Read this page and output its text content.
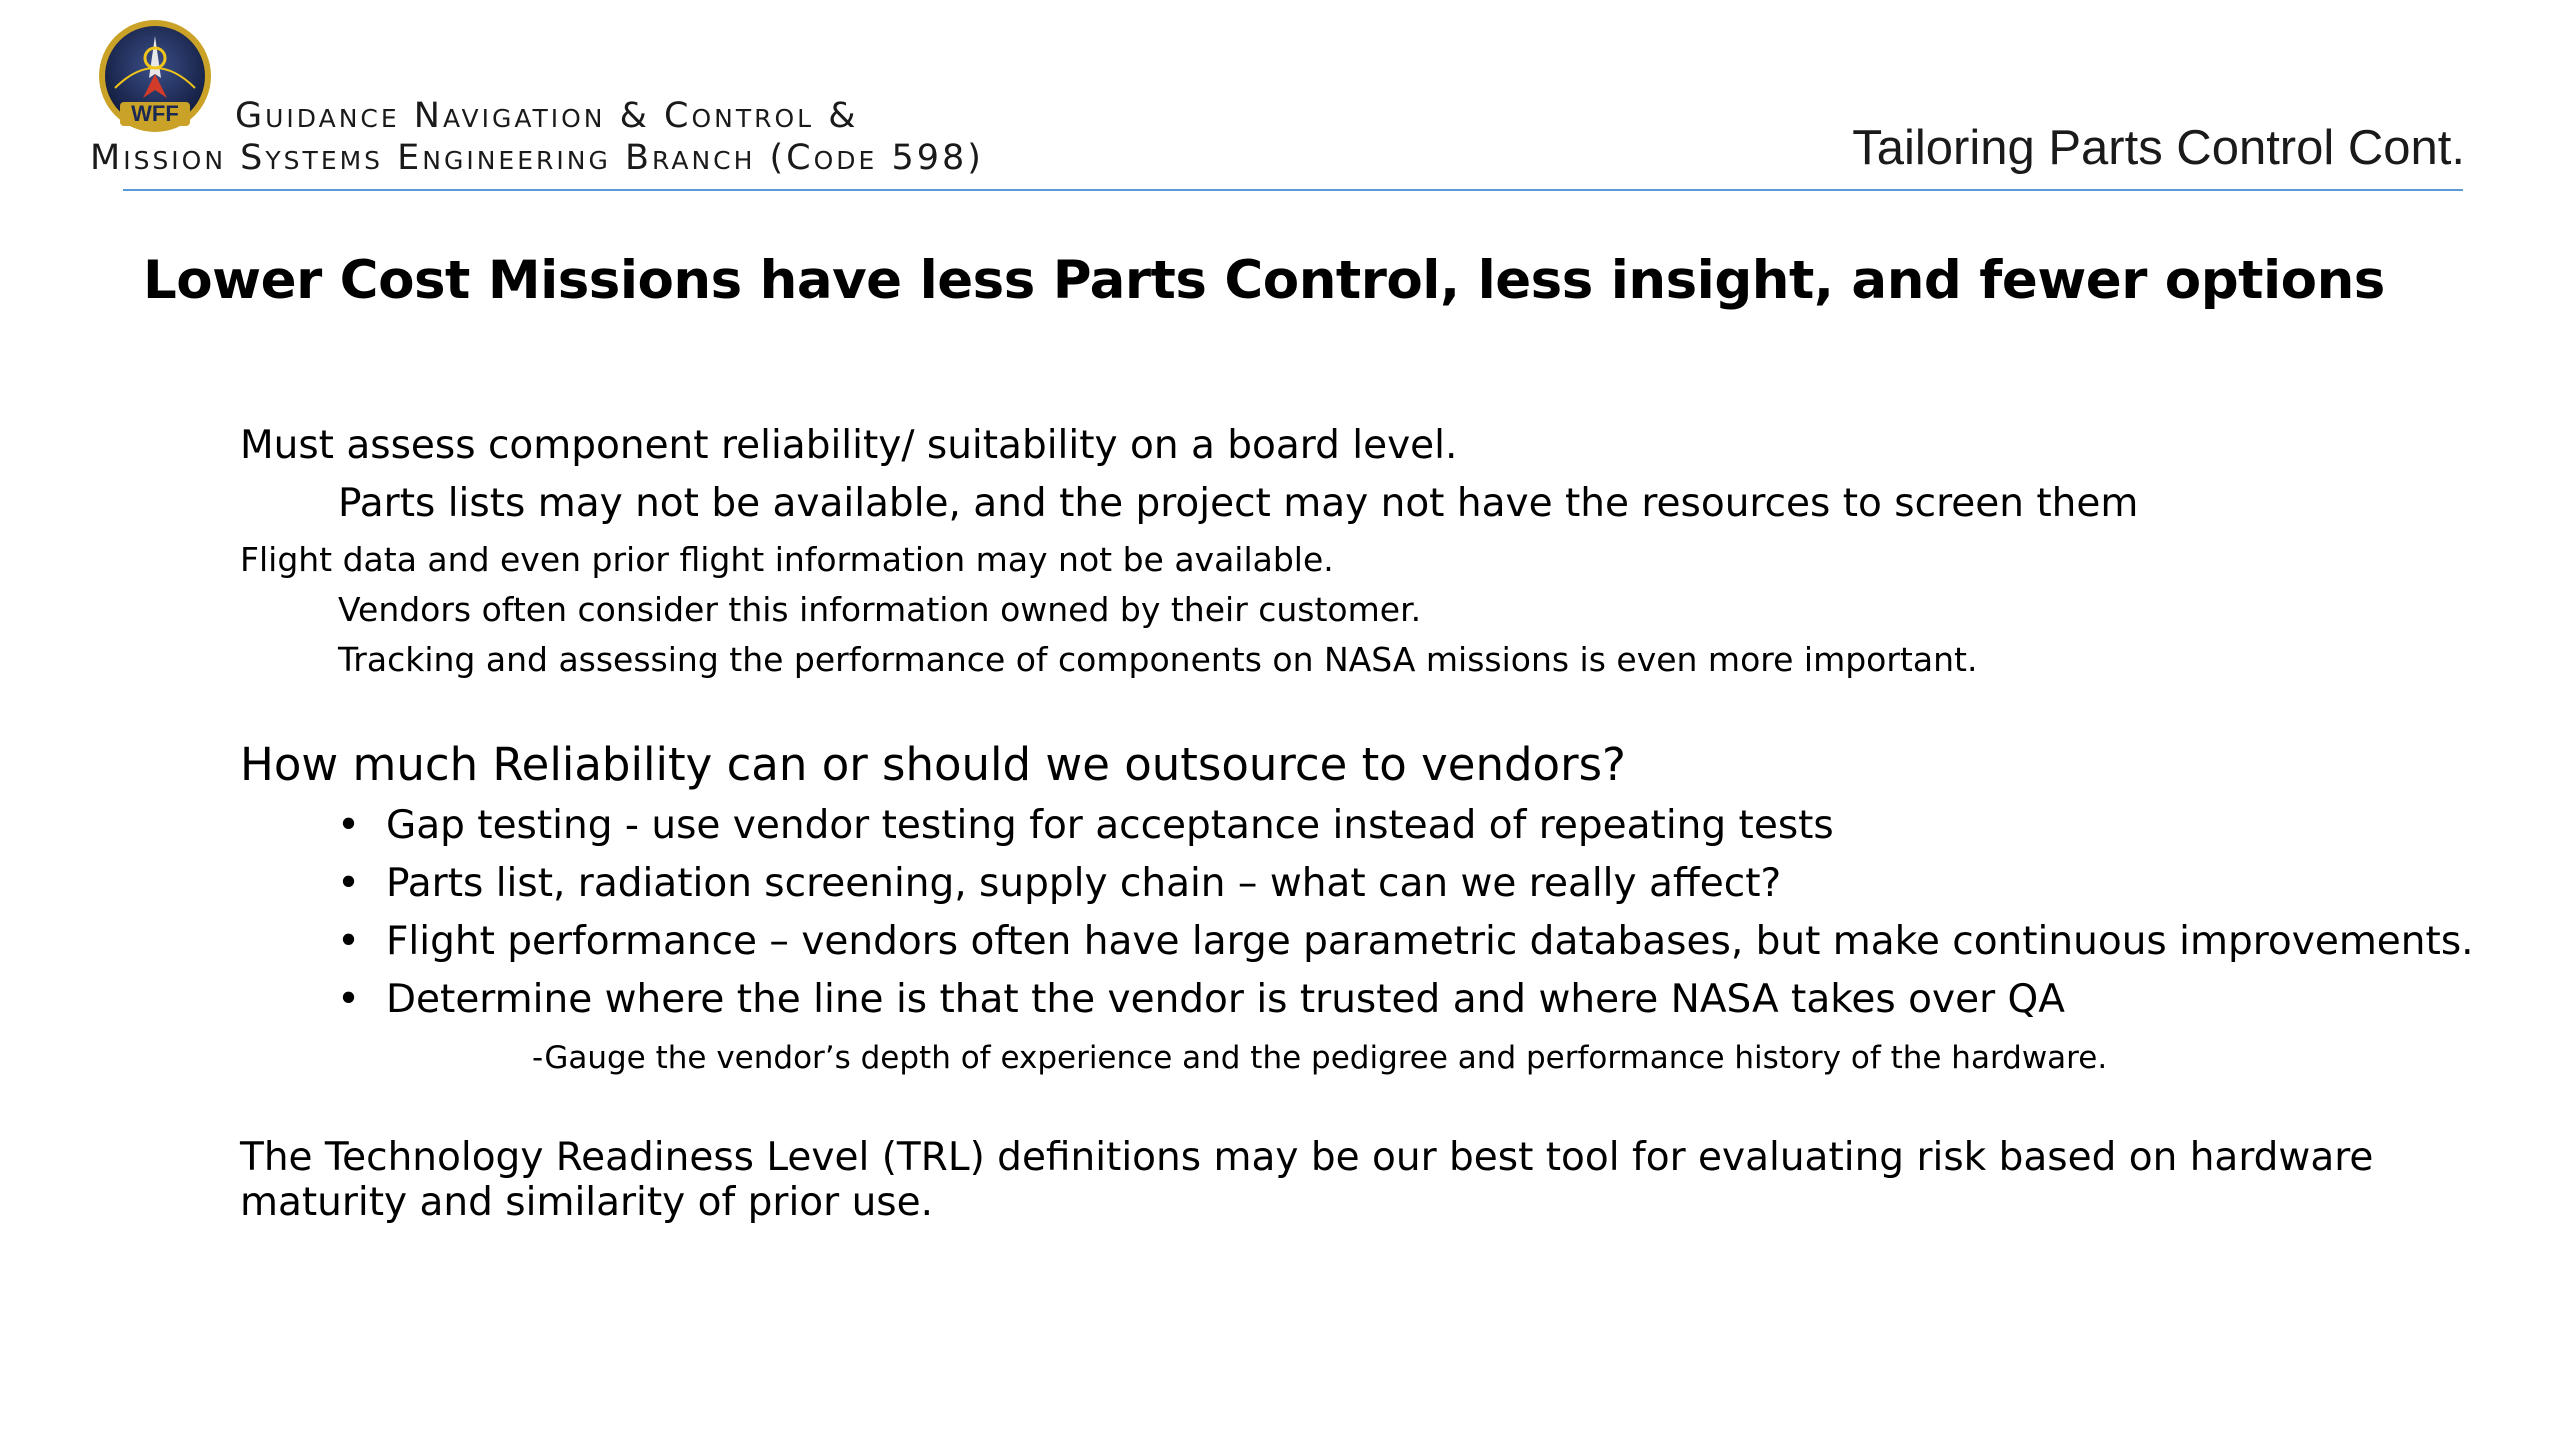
WFF	Guidance Navigation & Control &
Mission Systems Engineering Branch (Code 598)	Tailoring Parts Control Cont.
Lower Cost Missions have less Parts Control, less insight, and fewer options
Must assess component reliability/ suitability on a board level.
Parts lists may not be available, and the project may not have the resources to screen them
Flight data and even prior flight information may not be available.
Vendors often consider this information owned by their customer.
Tracking and assessing the performance of components on NASA missions is even more important.
How much Reliability can or should we outsource to vendors?
• Gap testing - use vendor testing for acceptance instead of repeating tests
• Parts list, radiation screening, supply chain – what can we really affect?
• Flight performance – vendors often have large parametric databases, but make continuous improvements.
• Determine where the line is that the vendor is trusted and where NASA takes over QA
-Gauge the vendor’s depth of experience and the pedigree and performance history of the hardware.
The Technology Readiness Level (TRL) definitions may be our best tool for evaluating risk based on hardware maturity and similarity of prior use.
